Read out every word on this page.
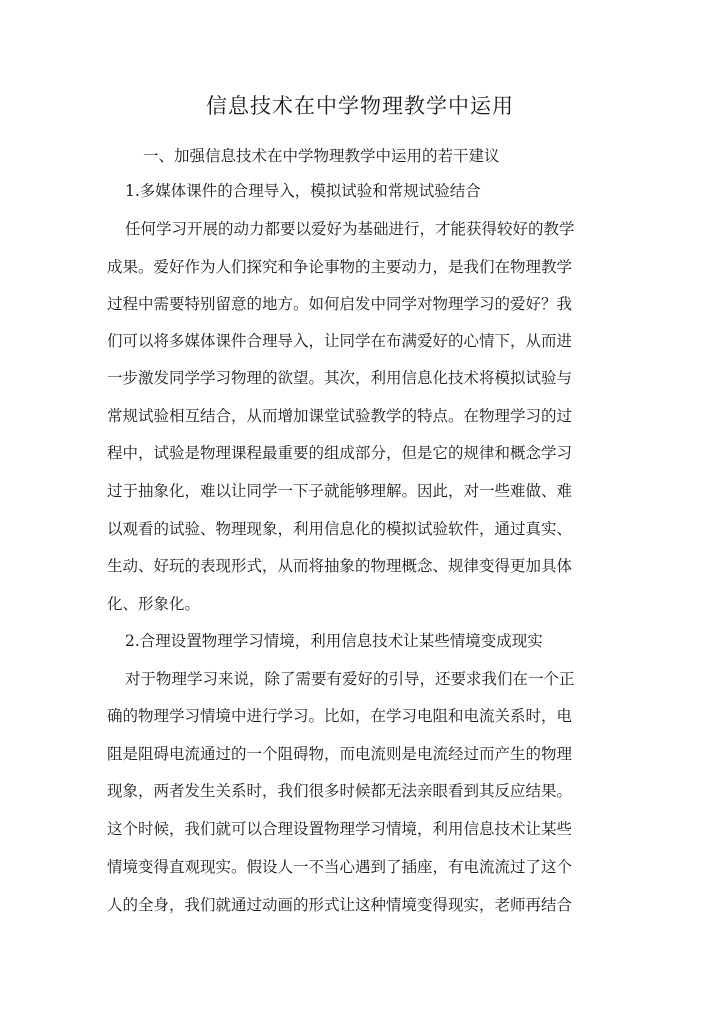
信息技术在中学物理教学中运用
一、加强信息技术在中学物理教学中运用的若干建议
1.多媒体课件的合理导入，模拟试验和常规试验结合
任何学习开展的动力都要以爱好为基础进行，才能获得较好的教学
成果。爱好作为人们探究和争论事物的主要动力，是我们在物理教学
过程中需要特别留意的地方。如何启发中同学对物理学习的爱好？我
们可以将多媒体课件合理导入，让同学在布满爱好的心情下，从而进
一步激发同学学习物理的欲望。其次，利用信息化技术将模拟试验与
常规试验相互结合，从而增加课堂试验教学的特点。在物理学习的过
程中，试验是物理课程最重要的组成部分，但是它的规律和概念学习
过于抽象化，难以让同学一下子就能够理解。因此，对一些难做、难
以观看的试验、物理现象，利用信息化的模拟试验软件，通过真实、
生动、好玩的表现形式，从而将抽象的物理概念、规律变得更加具体
化、形象化。
2.合理设置物理学习情境，利用信息技术让某些情境变成现实
对于物理学习来说，除了需要有爱好的引导，还要求我们在一个正
确的物理学习情境中进行学习。比如，在学习电阻和电流关系时，电
阻是阻碍电流通过的一个阻碍物，而电流则是电流经过而产生的物理
现象，两者发生关系时，我们很多时候都无法亲眼看到其反应结果。
这个时候，我们就可以合理设置物理学习情境，利用信息技术让某些
情境变得直观现实。假设人一不当心遇到了插座，有电流流过了这个
人的全身，我们就通过动画的形式让这种情境变得现实，老师再结合
